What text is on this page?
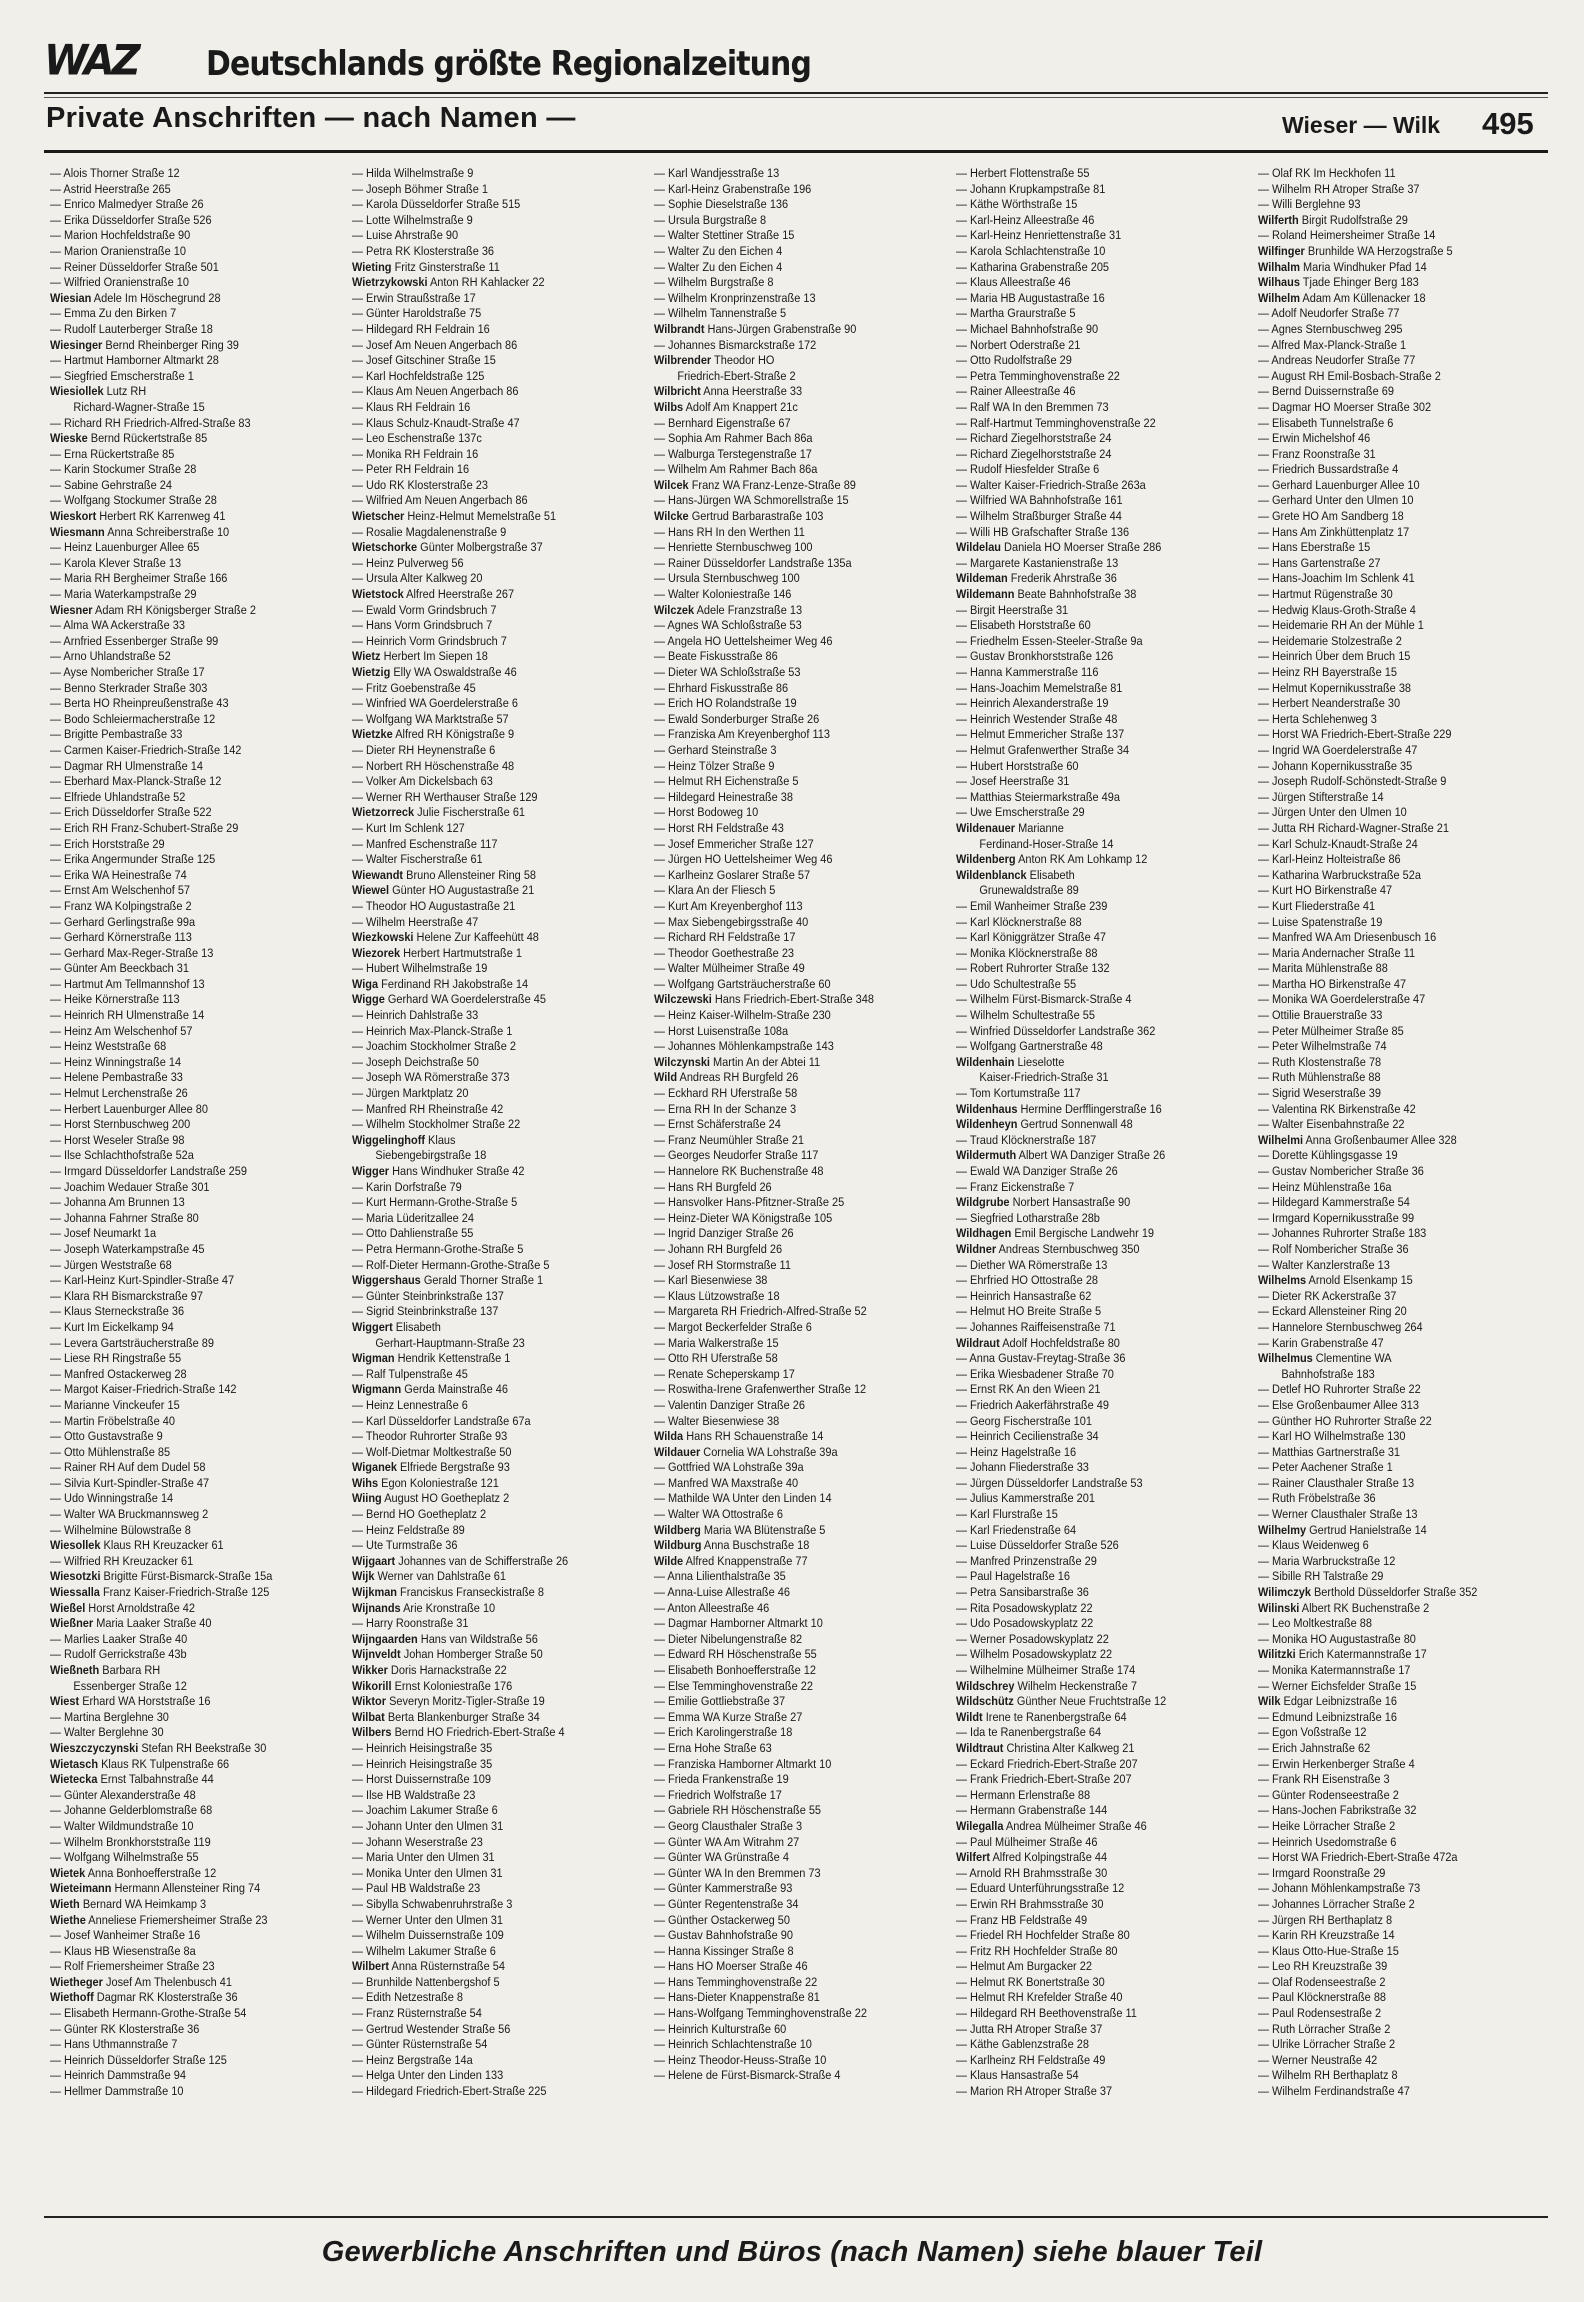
WAZ Deutschlands größte Regionalzeitung
Private Anschriften — nach Namen —	Wieser — Wilk 495
— Alois Thorner Straße 12
— Astrid Heerstraße 265
— Enrico Malmedyer Straße 26
— Erika Düsseldorfer Straße 526
— Marion Hochfeldstraße 90
— Marion Oranienstraße 10
— Reiner Düsseldorfer Straße 501
— Wilfried Oranienstraße 10
Wiesian Adele Im Höschegrund 28
— Emma Zu den Birken 7
— Rudolf Lauterberger Straße 18
Wiesinger Bernd Rheinberger Ring 39
— Hartmut Hamborner Altmarkt 28
— Siegfried Emscherstraße 1
Wiesiollek Lutz RH
Richard-Wagner-Straße 15
— Richard RH Friedrich-Alfred-Straße 83
Wieske Bernd Rückertstraße 85
— Erna Rückertstraße 85
— Karin Stockumer Straße 28
— Sabine Gehrstraße 24
— Wolfgang Stockumer Straße 28
Wieskort Herbert RK Karrenweg 41
Wiesmann Anna Schreiberstraße 10
— Heinz Lauenburger Allee 65
— Karola Klever Straße 13
— Maria RH Bergheimer Straße 166
— Maria Waterkampstraße 29
Wiesner Adam RH Königsberger Straße 2
— Alma WA Ackerstraße 33
— Arnfried Essenberger Straße 99
— Arno Uhlandstraße 52
— Ayse Nombericher Straße 17
— Benno Sterkrader Straße 303
— Berta HO Rheinpreußenstraße 43
— Bodo Schleiermacherstraße 12
— Brigitte Pembastraße 33
— Carmen Kaiser-Friedrich-Straße 142
— Dagmar RH Ulmenstraße 14
— Eberhard Max-Planck-Straße 12
— Elfriede Uhlandstraße 52
— Erich Düsseldorfer Straße 522
— Erich RH Franz-Schubert-Straße 29
— Erich Horststraße 29
— Erika Angermunder Straße 125
— Erika WA Heinestraße 74
— Ernst Am Welschenhof 57
— Franz WA Kolpingstraße 2
— Gerhard Gerlingstraße 99a
— Gerhard Körnerstraße 113
— Gerhard Max-Reger-Straße 13
— Günter Am Beeckbach 31
— Hartmut Am Tellmannshof 13
— Heike Körnerstraße 113
— Heinrich RH Ulmenstraße 14
— Heinz Am Welschenhof 57
— Heinz Weststraße 68
— Heinz Winningstraße 14
— Helene Pembastraße 33
— Helmut Lerchenstraße 26
— Herbert Lauenburger Allee 80
— Horst Sternbuschweg 200
— Horst Weseler Straße 98
— Ilse Schlachthofstraße 52a
— Irmgard Düsseldorfer Landstraße 259
— Joachim Wedauer Straße 301
— Johanna Am Brunnen 13
— Johanna Fahrner Straße 80
— Josef Neumarkt 1a
— Joseph Waterkampstraße 45
— Jürgen Weststraße 68
— Karl-Heinz Kurt-Spindler-Straße 47
— Klara RH Bismarckstraße 97
— Klaus Sterneckstraße 36
— Kurt Im Eickelkamp 94
— Levera Gartsträucherstraße 89
— Liese RH Ringstraße 55
— Manfred Ostackerweg 28
— Margot Kaiser-Friedrich-Straße 142
— Marianne Vinckeufer 15
— Martin Fröbelstraße 40
— Otto Gustavstraße 9
— Otto Mühlenstraße 85
— Rainer RH Auf dem Dudel 58
— Silvia Kurt-Spindler-Straße 47
— Udo Winningstraße 14
— Walter WA Bruckmannsweg 2
— Wilhelmine Bülowstraße 8
Wiesollek Klaus RH Kreuzacker 61
— Wilfried RH Kreuzacker 61
Wiesotzki Brigitte Fürst-Bismarck-Straße 15a
Wiessalla Franz Kaiser-Friedrich-Straße 125
Wießel Horst Arnoldstraße 42
Wießner Maria Laaker Straße 40
— Marlies Laaker Straße 40
— Rudolf Gerrickstraße 43b
Wießneth Barbara RH
Essenberger Straße 12
Wiest Erhard WA Horststraße 16
— Martina Berglehne 30
— Walter Berglehne 30
Wieszczyczynski Stefan RH Beekstraße 30
Wietasch Klaus RK Tulpenstraße 66
Wietecka Ernst Talbahnstraße 44
— Günter Alexanderstraße 48
— Johanne Gelderblomstraße 68
— Walter Wildmundstraße 10
— Wilhelm Bronkhorststraße 119
— Wolfgang Wilhelmstraße 55
Wietek Anna Bonhoefferstraße 12
Wieteimann Hermann Allensteiner Ring 74
Wieth Bernard WA Heimkamp 3
Wiethe Anneliese Friemersheimer Straße 23
— Josef Wanheimer Straße 16
— Klaus HB Wiesenstraße 8a
— Rolf Friemersheimer Straße 23
Wietheger Josef Am Thelenbusch 41
Wiethoff Dagmar RK Klosterstraße 36
— Elisabeth Hermann-Grothe-Straße 54
— Günter RK Klosterstraße 36
— Hans Uthmannstraße 7
— Heinrich Düsseldorfer Straße 125
— Heinrich Dammstraße 94
— Hellmer Dammstraße 10
— Hilda Wilhelmstraße 9
— Joseph Böhmer Straße 1
— Karola Düsseldorfer Straße 515
— Lotte Wilhelmstraße 9
— Luise Ahrstraße 90
— Petra RK Klosterstraße 36
Wieting Fritz Ginsterstraße 11
Wietrzykowski Anton RH Kahlacker 22
— Erwin Straußstraße 17
— Günter Haroldstraße 75
— Hildegard RH Feldrain 16
— Josef Am Neuen Angerbach 86
— Josef Gitschiner Straße 15
— Karl Hochfeldstraße 125
— Klaus Am Neuen Angerbach 86
— Klaus RH Feldrain 16
— Klaus Schulz-Knaudt-Straße 47
— Leo Eschenstraße 137c
— Monika RH Feldrain 16
— Peter RH Feldrain 16
— Udo RK Klosterstraße 23
— Wilfried Am Neuen Angerbach 86
Wietscher Heinz-Helmut Memelstraße 51
— Rosalie Magdalenenstraße 9
Wietschorke Günter Molbergstraße 37
— Heinz Pulverweg 56
— Ursula Alter Kalkweg 20
Wietstock Alfred Heerstraße 267
— Ewald Vorm Grindsbruch 7
— Hans Vorm Grindsbruch 7
— Heinrich Vorm Grindsbruch 7
Wietz Herbert Im Siepen 18
Wietzig Elly WA Oswaldstraße 46
— Fritz Goebenstraße 45
— Winfried WA Goerdelerstraße 6
— Wolfgang WA Marktstraße 57
Wietzke Alfred RH Königstraße 9
— Dieter RH Heynenstraße 6
— Norbert RH Höschenstraße 48
— Volker Am Dickelsbach 63
— Werner RH Werthauser Straße 129
Wietzorreck Julie Fischerstraße 61
— Kurt Im Schlenk 127
— Manfred Eschenstraße 117
— Walter Fischerstraße 61
Wiewandt Bruno Allensteiner Ring 58
Wiewel Günter HO Augustastraße 21
— Theodor HO Augustastraße 21
— Wilhelm Heerstraße 47
Wiezkowski Helene Zur Kaffeehütt 48
Wiezorek Herbert Hartmutstraße 1
— Hubert Wilhelmstraße 19
Wiga Ferdinand RH Jakobstraße 14
Wigge Gerhard WA Goerdelerstraße 45
— Heinrich Dahlstraße 33
— Heinrich Max-Planck-Straße 1
— Joachim Stockholmer Straße 2
— Joseph Deichstraße 50
— Joseph WA Römerstraße 373
— Jürgen Marktplatz 20
— Manfred RH Rheinstraße 42
— Wilhelm Stockholmer Straße 22
Wiggelinghoff Klaus
Siebengebirgstraße 18
Wigger Hans Windhuker Straße 42
— Karin Dorfstraße 79
— Kurt Hermann-Grothe-Straße 5
— Maria Lüderitzallee 24
— Otto Dahlienstraße 55
— Petra Hermann-Grothe-Straße 5
— Rolf-Dieter Hermann-Grothe-Straße 5
Wiggershaus Gerald Thorner Straße 1
— Günter Steinbrinkstraße 137
— Sigrid Steinbrinkstraße 137
Wiggert Elisabeth
Gerhart-Hauptmann-Straße 23
Wigman Hendrik Kettenstraße 1
— Ralf Tulpenstraße 45
Wigmann Gerda Mainstraße 46
— Heinz Lennestraße 6
— Karl Düsseldorfer Landstraße 67a
— Theodor Ruhrorter Straße 93
— Wolf-Dietmar Moltkestraße 50
Wiganek Elfriede Bergstraße 93
Wihs Egon Koloniestraße 121
Wiing August HO Goetheplatz 2
— Bernd HO Goetheplatz 2
— Heinz Feldstraße 89
— Ute Turmstraße 36
Wijgaart Johannes van de Schifferstraße 26
Wijk Werner van Dahlstraße 61
Wijkman Franciskus Franseckistraße 8
Wijnands Arie Kronstraße 10
— Harry Roonstraße 31
Wijngaarden Hans van Wildstraße 56
Wijnveldt Johan Homberger Straße 50
Wikker Doris Harnackstraße 22
Wikorill Ernst Koloniestraße 176
Wiktor Severyn Moritz-Tigler-Straße 19
Wilbat Berta Blankenburger Straße 34
Wilbers Bernd HO Friedrich-Ebert-Straße 4
— Heinrich Heisingstraße 35
— Heinrich Heisingstraße 35
— Horst Duissernstraße 109
— Ilse HB Waldstraße 23
— Joachim Lakumer Straße 6
— Johann Unter den Ulmen 31
— Johann Weserstraße 23
— Maria Unter den Ulmen 31
— Monika Unter den Ulmen 31
— Paul HB Waldstraße 23
— Sibylla Schwabenruhrstraße 3
— Werner Unter den Ulmen 31
— Wilhelm Duissernstraße 109
— Wilhelm Lakumer Straße 6
Wilbert Anna Rüsternstraße 54
— Brunhilde Nattenbergshof 5
— Edith Netzestraße 8
— Franz Rüsternstraße 54
— Gertrud Westender Straße 56
— Günter Rüsternstraße 54
— Heinz Bergstraße 14a
— Helga Unter den Linden 133
— Hildegard Friedrich-Ebert-Straße 225
— Karl Wandjesstraße 13
— Karl-Heinz Grabenstraße 196
— Sophie Dieselstraße 136
— Ursula Burgstraße 8
— Walter Stettiner Straße 15
— Walter Zu den Eichen 4
— Walter Zu den Eichen 4
— Wilhelm Burgstraße 8
— Wilhelm Kronprinzenstraße 13
— Wilhelm Tannenstraße 5
Wilbrandt Hans-Jürgen Grabenstraße 90
— Johannes Bismarckstraße 172
Wilbrender Theodor HO
Friedrich-Ebert-Straße 2
Wilbricht Anna Heerstraße 33
Wilbs Adolf Am Knappert 21c
— Bernhard Eigenstraße 67
— Sophia Am Rahmer Bach 86a
— Walburga Terstegenstraße 17
— Wilhelm Am Rahmer Bach 86a
Wilcek Franz WA Franz-Lenze-Straße 89
— Hans-Jürgen WA Schmorellstraße 15
Wilcke Gertrud Barbarastraße 103
— Hans RH In den Werthen 11
— Henriette Sternbuschweg 100
— Rainer Düsseldorfer Landstraße 135a
— Ursula Sternbuschweg 100
— Walter Koloniestraße 146
Wilczek Adele Franzstraße 13
— Agnes WA Schloßstraße 53
— Angela HO Uettelsheimer Weg 46
— Beate Fiskusstraße 86
— Dieter WA Schloßstraße 53
— Ehrhard Fiskusstraße 86
— Erich HO Rolandstraße 19
— Ewald Sonderburger Straße 26
— Franziska Am Kreyenberghof 113
— Gerhard Steinstraße 3
— Heinz Tölzer Straße 9
— Helmut RH Eichenstraße 5
— Hildegard Heinestraße 38
— Horst Bodoweg 10
— Horst RH Feldstraße 43
— Josef Emmericher Straße 127
— Jürgen HO Uettelsheimer Weg 46
— Karlheinz Goslarer Straße 57
— Klara An der Fliesch 5
— Kurt Am Kreyenberghof 113
— Max Siebengebirgsstraße 40
— Richard RH Feldstraße 17
— Theodor Goethestraße 23
— Walter Mülheimer Straße 49
— Wolfgang Gartsträucherstraße 60
Wilczewski Hans Friedrich-Ebert-Straße 348
— Heinz Kaiser-Wilhelm-Straße 230
— Horst Luisenstraße 108a
— Johannes Möhlenkampstraße 143
Wilczynski Martin An der Abtei 11
Wild Andreas RH Burgfeld 26
— Eckhard RH Uferstraße 58
— Erna RH In der Schanze 3
— Ernst Schäferstraße 24
— Franz Neumühler Straße 21
— Georges Neudorfer Straße 117
— Hannelore RK Buchenstraße 48
— Hans RH Burgfeld 26
— Hansvolker Hans-Pfitzner-Straße 25
— Heinz-Dieter WA Königstraße 105
— Ingrid Danziger Straße 26
— Johann RH Burgfeld 26
— Josef RH Stormstraße 11
— Karl Biesenwiese 38
— Klaus Lützowstraße 18
— Margareta RH Friedrich-Alfred-Straße 52
— Margot Beckerfelder Straße 6
— Maria Walkerstraße 15
— Otto RH Uferstraße 58
— Renate Scheperskamp 17
— Roswitha-Irene Grafenwerther Straße 12
— Valentin Danziger Straße 26
— Walter Biesenwiese 38
Wilda Hans RH Schauenstraße 14
Wildauer Cornelia WA Lohstraße 39a
— Gottfried WA Lohstraße 39a
— Manfred WA Maxstraße 40
— Mathilde WA Unter den Linden 14
— Walter WA Ottostraße 6
Wildberg Maria WA Blütenstraße 5
Wildburg Anna Buschstraße 18
Wilde Alfred Knappenstraße 77
— Anna Lilienthalstraße 35
— Anna-Luise Allestraße 46
— Anton Alleestraße 46
— Dagmar Hamborner Altmarkt 10
— Dieter Nibelungenstraße 82
— Edward RH Höschenstraße 55
— Elisabeth Bonhoefferstraße 12
— Else Temminghovenstraße 22
— Emilie Gottliebstraße 37
— Emma WA Kurze Straße 27
— Erich Karolingerstraße 18
— Erna Hohe Straße 63
— Franziska Hamborner Altmarkt 10
— Frieda Frankenstraße 19
— Friedrich Wolfstraße 17
— Gabriele RH Höschenstraße 55
— Georg Clausthaler Straße 3
— Günter WA Am Witrahm 27
— Günter WA Grünstraße 4
— Günter WA In den Bremmen 73
— Günter Kammerstraße 93
— Günter Regentenstraße 34
— Günther Ostackerweg 50
— Gustav Bahnhofstraße 90
— Hanna Kissinger Straße 8
— Hans HO Moerser Straße 46
— Hans Temminghovenstraße 22
— Hans-Dieter Knappenstraße 81
— Hans-Wolfgang Temminghovenstraße 22
— Heinrich Kulturstraße 60
— Heinrich Schlachtenstraße 10
— Heinz Theodor-Heuss-Straße 10
— Helene de Fürst-Bismarck-Straße 4
— Herbert Flottenstraße 55
— Johann Krupkampstraße 81
— Käthe Wörthstraße 15
— Karl-Heinz Alleestraße 46
— Karl-Heinz Henriettenstraße 31
— Karola Schlachtenstraße 10
— Katharina Grabenstraße 205
— Klaus Alleestraße 46
— Maria HB Augustastraße 16
— Martha Graurstraße 5
— Michael Bahnhofstraße 90
— Norbert Oderstraße 21
— Otto Rudolfstraße 29
— Petra Temminghovenstraße 22
— Rainer Alleestraße 46
— Ralf WA In den Bremmen 73
— Ralf-Hartmut Temminghovenstraße 22
— Richard Ziegelhorststraße 24
— Richard Ziegelhorststraße 24
— Rudolf Hiesfelder Straße 6
— Walter Kaiser-Friedrich-Straße 263a
— Wilfried WA Bahnhofstraße 161
— Wilhelm Straßburger Straße 44
— Willi HB Grafschafter Straße 136
Wildelau Daniela HO Moerser Straße 286
— Margarete Kastanienstraße 13
Wildeman Frederik Ahrstraße 36
Wildemann Beate Bahnhofstraße 38
— Birgit Heerstraße 31
— Elisabeth Horststraße 60
— Friedhelm Essen-Steeler-Straße 9a
— Gustav Bronkhorststraße 126
— Hanna Kammerstraße 116
— Hans-Joachim Memelstraße 81
— Heinrich Alexanderstraße 19
— Heinrich Westender Straße 48
— Helmut Emmericher Straße 137
— Helmut Grafenwerther Straße 34
— Hubert Horststraße 60
— Josef Heerstraße 31
— Matthias Steiermarkstraße 49a
— Uwe Emscherstraße 29
Wildenauer Marianne
Ferdinand-Hoser-Straße 14
Wildenberg Anton RK Am Lohkamp 12
Wildenblanck Elisabeth
Grunewaldstraße 89
— Emil Wanheimer Straße 239
— Karl Klöcknerstraße 88
— Karl Königgrätzer Straße 47
— Monika Klöcknerstraße 88
— Robert Ruhrorter Straße 132
— Udo Schultestraße 55
— Wilhelm Fürst-Bismarck-Straße 4
— Wilhelm Schultestraße 55
— Winfried Düsseldorfer Landstraße 362
— Wolfgang Gartnerstraße 48
Wildenhain Lieselotte
Kaiser-Friedrich-Straße 31
— Tom Kortumstraße 117
Wildenhaus Hermine Derfflingerstraße 16
Wildenheyn Gertrud Sonnenwall 48
— Traud Klöcknerstraße 187
Wildermuth Albert WA Danziger Straße 26
— Ewald WA Danziger Straße 26
— Franz Eickenstraße 7
Wildgrube Norbert Hansastraße 90
— Siegfried Lotharstraße 28b
Wildhagen Emil Bergische Landwehr 19
Wildner Andreas Sternbuschweg 350
— Diether WA Römerstraße 13
— Ehrfried HO Ottostraße 28
— Heinrich Hansastraße 62
— Helmut HO Breite Straße 5
— Johannes Raiffeisenstraße 71
Wildraut Adolf Hochfeldstraße 80
— Anna Gustav-Freytag-Straße 36
— Erika Wiesbadener Straße 70
— Ernst RK An den Wieen 21
— Friedrich Aakerfährstraße 49
— Georg Fischerstraße 101
— Heinrich Cecilienstraße 34
— Heinz Hagelstraße 16
— Johann Fliederstraße 33
— Jürgen Düsseldorfer Landstraße 53
— Julius Kammerstraße 201
— Karl Flurstraße 15
— Karl Friedenstraße 64
— Luise Düsseldorfer Straße 526
— Manfred Prinzenstraße 29
— Paul Hagelstraße 16
— Petra Sansibarstraße 36
— Rita Posadowskyplatz 22
— Udo Posadowskyplatz 22
— Werner Posadowskyplatz 22
— Wilhelm Posadowskyplatz 22
— Wilhelmine Mülheimer Straße 174
Wildschrey Wilhelm Heckenstraße 7
Wildschütz Günther Neue Fruchtstraße 12
Wildt Irene te Ranenbergstraße 64
— Ida te Ranenbergstraße 64
Wildtraut Christina Alter Kalkweg 21
— Eckard Friedrich-Ebert-Straße 207
— Frank Friedrich-Ebert-Straße 207
— Hermann Erlenstraße 88
— Hermann Grabenstraße 144
Wilegalla Andrea Mülheimer Straße 46
— Paul Mülheimer Straße 46
Wilfert Alfred Kolpingstraße 44
— Arnold RH Brahmsstraße 30
— Eduard Unterführungsstraße 12
— Erwin RH Brahmsstraße 30
— Franz HB Feldstraße 49
— Friedel RH Hochfelder Straße 80
— Fritz RH Hochfelder Straße 80
— Helmut Am Burgacker 22
— Helmut RK Bonertstraße 30
— Helmut RH Krefelder Straße 40
— Hildegard RH Beethovenstraße 11
— Jutta RH Atroper Straße 37
— Käthe Gablenzstraße 28
— Karlheinz RH Feldstraße 49
— Klaus Hansastraße 54
— Marion RH Atroper Straße 37
— Olaf RK Im Heckhofen 11
— Wilhelm RH Atroper Straße 37
— Willi Berglehne 93
Wilferth Birgit Rudolfstraße 29
— Roland Heimersheimer Straße 14
Wilfinger Brunhilde WA Herzogstraße 5
Wilhalm Maria Windhuker Pfad 14
Wilhaus Tjade Ehinger Berg 183
Wilhelm Adam Am Küllenacker 18
— Adolf Neudorfer Straße 77
— Agnes Sternbuschweg 295
— Alfred Max-Planck-Straße 1
— Andreas Neudorfer Straße 77
— August RH Emil-Bosbach-Straße 2
— Bernd Duissernstraße 69
— Dagmar HO Moerser Straße 302
— Elisabeth Tunnelstraße 6
— Erwin Michelshof 46
— Franz Roonstraße 31
— Friedrich Bussardstraße 4
— Gerhard Lauenburger Allee 10
— Gerhard Unter den Ulmen 10
— Grete HO Am Sandberg 18
— Hans Am Zinkhüttenplatz 17
— Hans Eberstraße 15
— Hans Gartenstraße 27
— Hans-Joachim Im Schlenk 41
— Hartmut Rügenstraße 30
— Hedwig Klaus-Groth-Straße 4
— Heidemarie RH An der Mühle 1
— Heidemarie Stolzestraße 2
— Heinrich Über dem Bruch 15
— Heinz RH Bayerstraße 15
— Helmut Kopernikusstraße 38
— Herbert Neanderstraße 30
— Herta Schlehenweg 3
— Horst WA Friedrich-Ebert-Straße 229
— Ingrid WA Goerdelerstraße 47
— Johann Kopernikusstraße 35
— Joseph Rudolf-Schönstedt-Straße 9
— Jürgen Stifterstraße 14
— Jürgen Unter den Ulmen 10
— Jutta RH Richard-Wagner-Straße 21
— Karl Schulz-Knaudt-Straße 24
— Karl-Heinz Holteistraße 86
— Katharina Warbruckstraße 52a
— Kurt HO Birkenstraße 47
— Kurt Fliederstraße 41
— Luise Spatenstraße 19
— Manfred WA Am Driesenbusch 16
— Maria Andernacher Straße 11
— Marita Mühlenstraße 88
— Martha HO Birkenstraße 47
— Monika WA Goerdelerstraße 47
— Ottilie Brauerstraße 33
— Peter Mülheimer Straße 85
— Peter Wilhelmstraße 74
— Ruth Klostenstraße 78
— Ruth Mühlenstraße 88
— Sigrid Weserstraße 39
— Valentina RK Birkenstraße 42
— Walter Eisenbahnstraße 22
Wilhelmi Anna Großenbaumer Allee 328
— Dorette Kühlingsgasse 19
— Gustav Nombericher Straße 36
— Heinz Mühlenstraße 16a
— Hildegard Kammerstraße 54
— Irmgard Kopernikusstraße 99
— Johannes Ruhrorter Straße 183
— Rolf Nombericher Straße 36
— Walter Kanzlerstraße 13
Wilhelms Arnold Elsenkamp 15
— Dieter RK Ackerstraße 37
— Eckard Allensteiner Ring 20
— Hannelore Sternbuschweg 264
— Karin Grabenstraße 47
Wilhelmus Clementine WA
Bahnhofstraße 183
— Detlef HO Ruhrorter Straße 22
— Else Großenbaumer Allee 313
— Günther HO Ruhrorter Straße 22
— Karl HO Wilhelmstraße 130
— Matthias Gartnerstraße 31
— Peter Aachener Straße 1
— Rainer Clausthaler Straße 13
— Ruth Fröbelstraße 36
— Werner Clausthaler Straße 13
Wilhelmy Gertrud Hanielstraße 14
— Klaus Weidenweg 6
— Maria Warbruckstraße 12
— Sibille RH Talstraße 29
Wilimczyk Berthold Düsseldorfer Straße 352
Wilinski Albert RK Buchenstraße 2
— Leo Moltkestraße 88
— Monika HO Augustastraße 80
Wilitzki Erich Katermannstraße 17
— Monika Katermannstraße 17
— Werner Eichsfelder Straße 15
Wilk Edgar Leibnizstraße 16
— Edmund Leibnizstraße 16
— Egon Voßstraße 12
— Erich Jahnstraße 62
— Erwin Herkenberger Straße 4
— Frank RH Eisenstraße 3
— Günter Rodenseestraße 2
— Hans-Jochen Fabrikstraße 32
— Heike Lörracher Straße 2
— Heinrich Usedomstraße 6
— Horst WA Friedrich-Ebert-Straße 472a
— Irmgard Roonstraße 29
— Johann Möhlenkampstraße 73
— Johannes Lörracher Straße 2
— Jürgen RH Berthaplatz 8
— Karin RH Kreuzstraße 14
— Klaus Otto-Hue-Straße 15
— Leo RH Kreuzstraße 39
— Olaf Rodenseestraße 2
— Paul Klöcknerstraße 88
— Paul Rodensestraße 2
— Ruth Lörracher Straße 2
— Ulrike Lörracher Straße 2
— Werner Neustraße 42
— Wilhelm RH Berthaplatz 8
— Wilhelm Ferdinandstraße 47
Gewerbliche Anschriften und Büros (nach Namen) siehe blauer Teil
